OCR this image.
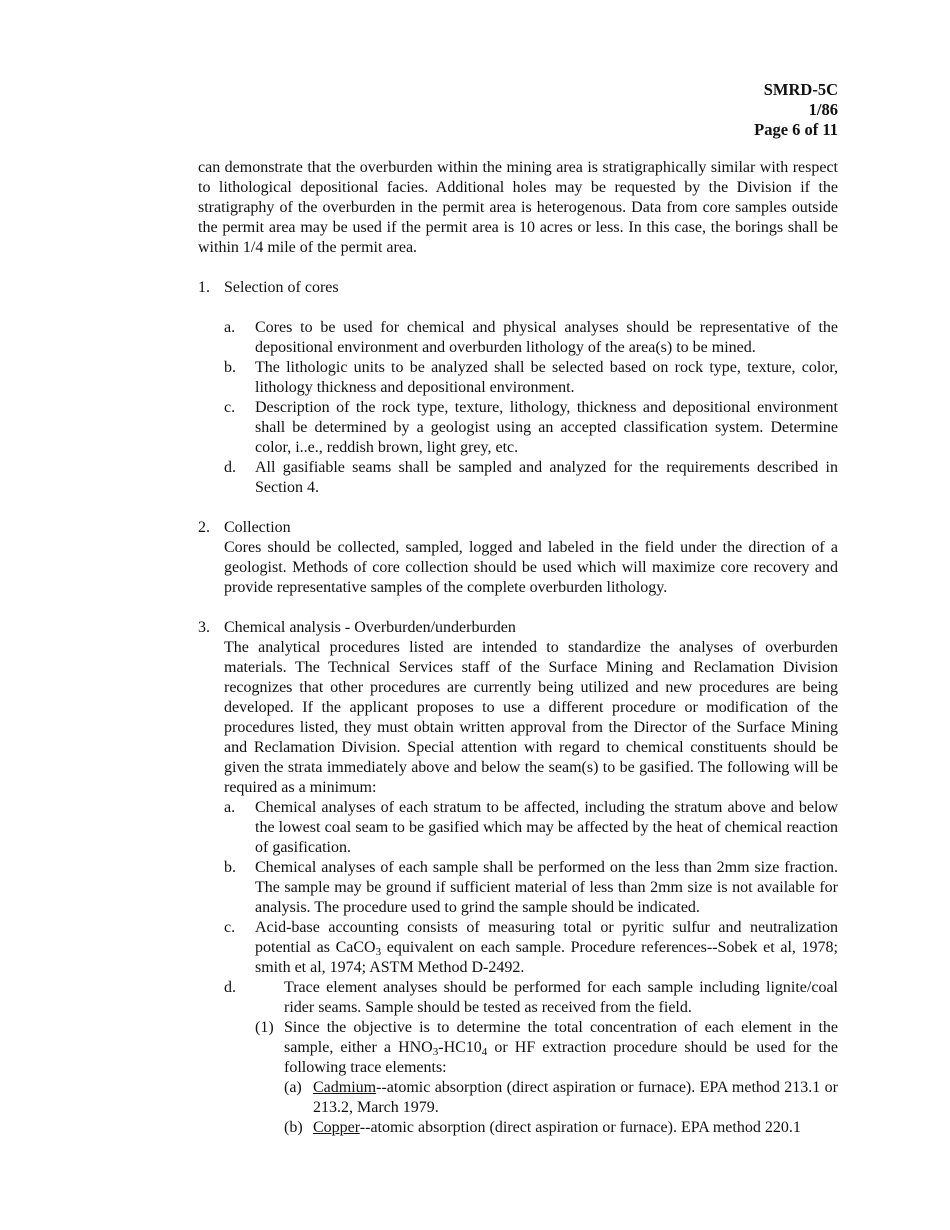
SMRD-5C
1/86
Page 6 of 11

can demonstrate that the overburden within the mining area is stratigraphically similar with respect to lithological depositional facies. Additional holes may be requested by the Division if the stratigraphy of the overburden in the permit area is heterogenous. Data from core samples outside the permit area may be used if the permit area is 10 acres or less. In this case, the borings shall be within 1/4 mile of the permit area.

1. Selection of cores
a. Cores to be used for chemical and physical analyses should be representative of the depositional environment and overburden lithology of the area(s) to be mined.
b. The lithologic units to be analyzed shall be selected based on rock type, texture, color, lithology thickness and depositional environment.
c. Description of the rock type, texture, lithology, thickness and depositional environment shall be determined by a geologist using an accepted classification system. Determine color, i..e., reddish brown, light grey, etc.
d. All gasifiable seams shall be sampled and analyzed for the requirements described in Section 4.
2. Collection

Cores should be collected, sampled, logged and labeled in the field under the direction of a geologist. Methods of core collection should be used which will maximize core recovery and provide representative samples of the complete overburden lithology.

3. Chemical analysis - Overburden/underburden

The analytical procedures listed are intended to standardize the analyses of overburden materials. The Technical Services staff of the Surface Mining and Reclamation Division recognizes that other procedures are currently being utilized and new procedures are being developed. If the applicant proposes to use a different procedure or modification of the procedures listed, they must obtain written approval from the Director of the Surface Mining and Reclamation Division. Special attention with regard to chemical constituents should be given the strata immediately above and below the seam(s) to be gasified. The following will be required as a minimum:

a. Chemical analyses of each stratum to be affected, including the stratum above and below the lowest coal seam to be gasified which may be affected by the heat of chemical reaction of gasification.
b. Chemical analyses of each sample shall be performed on the less than 2mm size fraction. The sample may be ground if sufficient material of less than 2mm size is not available for analysis. The procedure used to grind the sample should be indicated.
c. Acid-base accounting consists of measuring total or pyritic sulfur and neutralization potential as CaCO$_3$ equivalent on each sample. Procedure references--Sobek et al, 1978; smith et al, 1974; ASTM Method D-2492.
d.	Trace element analyses should be performed for each sample including lignite/coal rider seams. Sample should be tested as received from the field.
(1) Since the objective is to determine the total concentration of each element in the sample, either a $HNO_3-HC10_4$ or HF extraction procedure should be used for the following trace elements:
(a) Cadmium--atomic absorption (direct aspiration or furnace). EPA method 213.1 or 213.2, March 1979.
(b) Copper--atomic absorption (direct aspiration or furnace). EPA method 220.1
